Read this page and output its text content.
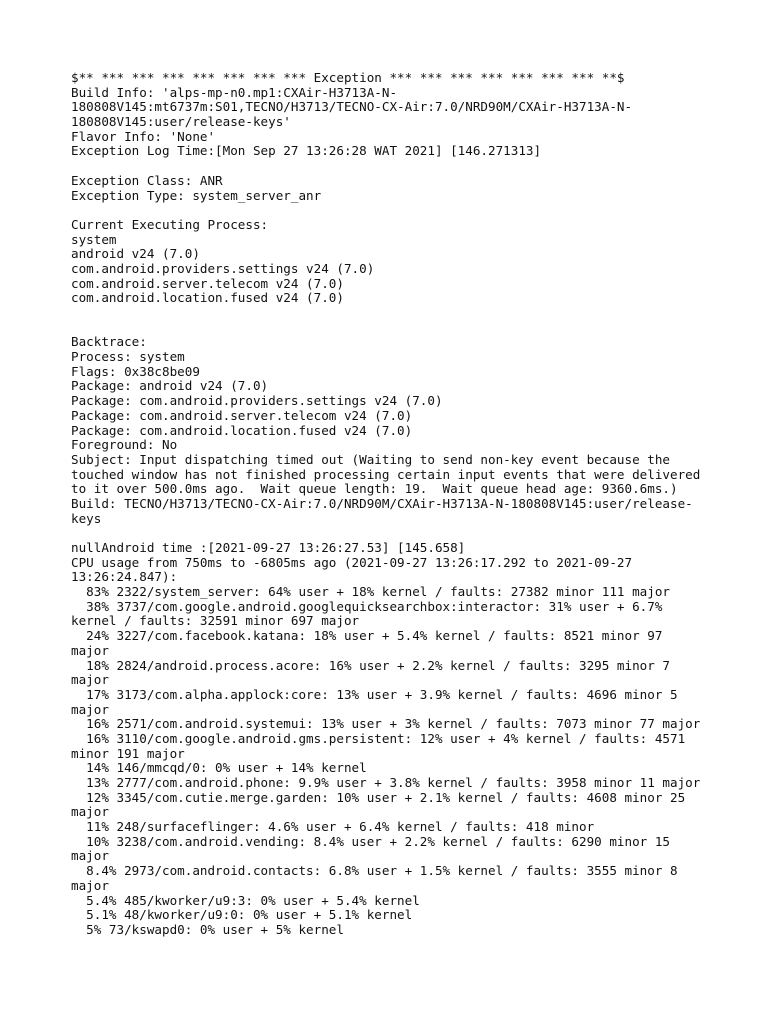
$** *** *** *** *** *** *** *** Exception *** *** *** *** *** *** *** **$
Build Info: 'alps-mp-n0.mp1:CXAir-H3713A-N-
180808V145:mt6737m:S01,TECNO/H3713/TECNO-CX-Air:7.0/NRD90M/CXAir-H3713A-N-
180808V145:user/release-keys'
Flavor Info: 'None'
Exception Log Time:[Mon Sep 27 13:26:28 WAT 2021] [146.271313]
Exception Class: ANR
Exception Type: system_server_anr
Current Executing Process:
system
android v24 (7.0)
com.android.providers.settings v24 (7.0)
com.android.server.telecom v24 (7.0)
com.android.location.fused v24 (7.0)
Backtrace:
Process: system
Flags: 0x38c8be09
Package: android v24 (7.0)
Package: com.android.providers.settings v24 (7.0)
Package: com.android.server.telecom v24 (7.0)
Package: com.android.location.fused v24 (7.0)
Foreground: No
Subject: Input dispatching timed out (Waiting to send non-key event because the
touched window has not finished processing certain input events that were delivered
to it over 500.0ms ago.  Wait queue length: 19.  Wait queue head age: 9360.6ms.)
Build: TECNO/H3713/TECNO-CX-Air:7.0/NRD90M/CXAir-H3713A-N-180808V145:user/release-
keys
nullAndroid time :[2021-09-27 13:26:27.53] [145.658]
CPU usage from 750ms to -6805ms ago (2021-09-27 13:26:17.292 to 2021-09-27
13:26:24.847):
83% 2322/system_server: 64% user + 18% kernel / faults: 27382 minor 111 major
38% 3737/com.google.android.googlequicksearchbox:interactor: 31% user + 6.7%
kernel / faults: 32591 minor 697 major
24% 3227/com.facebook.katana: 18% user + 5.4% kernel / faults: 8521 minor 97
major
18% 2824/android.process.acore: 16% user + 2.2% kernel / faults: 3295 minor 7
major
17% 3173/com.alpha.applock:core: 13% user + 3.9% kernel / faults: 4696 minor 5
major
16% 2571/com.android.systemui: 13% user + 3% kernel / faults: 7073 minor 77 major
16% 3110/com.google.android.gms.persistent: 12% user + 4% kernel / faults: 4571
minor 191 major
14% 146/mmcqd/0: 0% user + 14% kernel
13% 2777/com.android.phone: 9.9% user + 3.8% kernel / faults: 3958 minor 11 major
12% 3345/com.cutie.merge.garden: 10% user + 2.1% kernel / faults: 4608 minor 25
major
11% 248/surfaceflinger: 4.6% user + 6.4% kernel / faults: 418 minor
10% 3238/com.android.vending: 8.4% user + 2.2% kernel / faults: 6290 minor 15
major
8.4% 2973/com.android.contacts: 6.8% user + 1.5% kernel / faults: 3555 minor 8
major
5.4% 485/kworker/u9:3: 0% user + 5.4% kernel
5.1% 48/kworker/u9:0: 0% user + 5.1% kernel
5% 73/kswapd0: 0% user + 5% kernel
